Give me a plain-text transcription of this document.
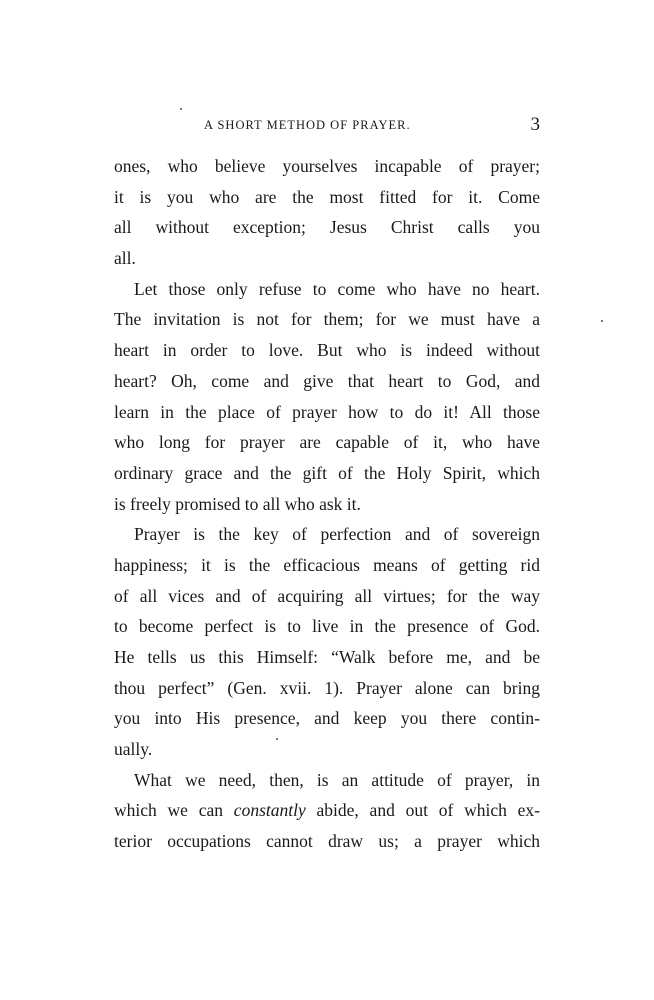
A SHORT METHOD OF PRAYER.	3
ones, who believe yourselves incapable of prayer;
it is you who are the most fitted for it. Come
all without exception; Jesus Christ calls you
all.
Let those only refuse to come who have no heart.
The invitation is not for them; for we must have a
heart in order to love. But who is indeed without
heart? Oh, come and give that heart to God, and
learn in the place of prayer how to do it! All those
who long for prayer are capable of it, who have
ordinary grace and the gift of the Holy Spirit, which
is freely promised to all who ask it.
Prayer is the key of perfection and of sovereign
happiness; it is the efficacious means of getting rid
of all vices and of acquiring all virtues; for the way
to become perfect is to live in the presence of God.
He tells us this Himself: “Walk before me, and be
thou perfect” (Gen. xvii. 1). Prayer alone can bring
you into His presence, and keep you there contin-
ually.
What we need, then, is an attitude of prayer, in
which we can constantly abide, and out of which ex-
terior occupations cannot draw us; a prayer which
